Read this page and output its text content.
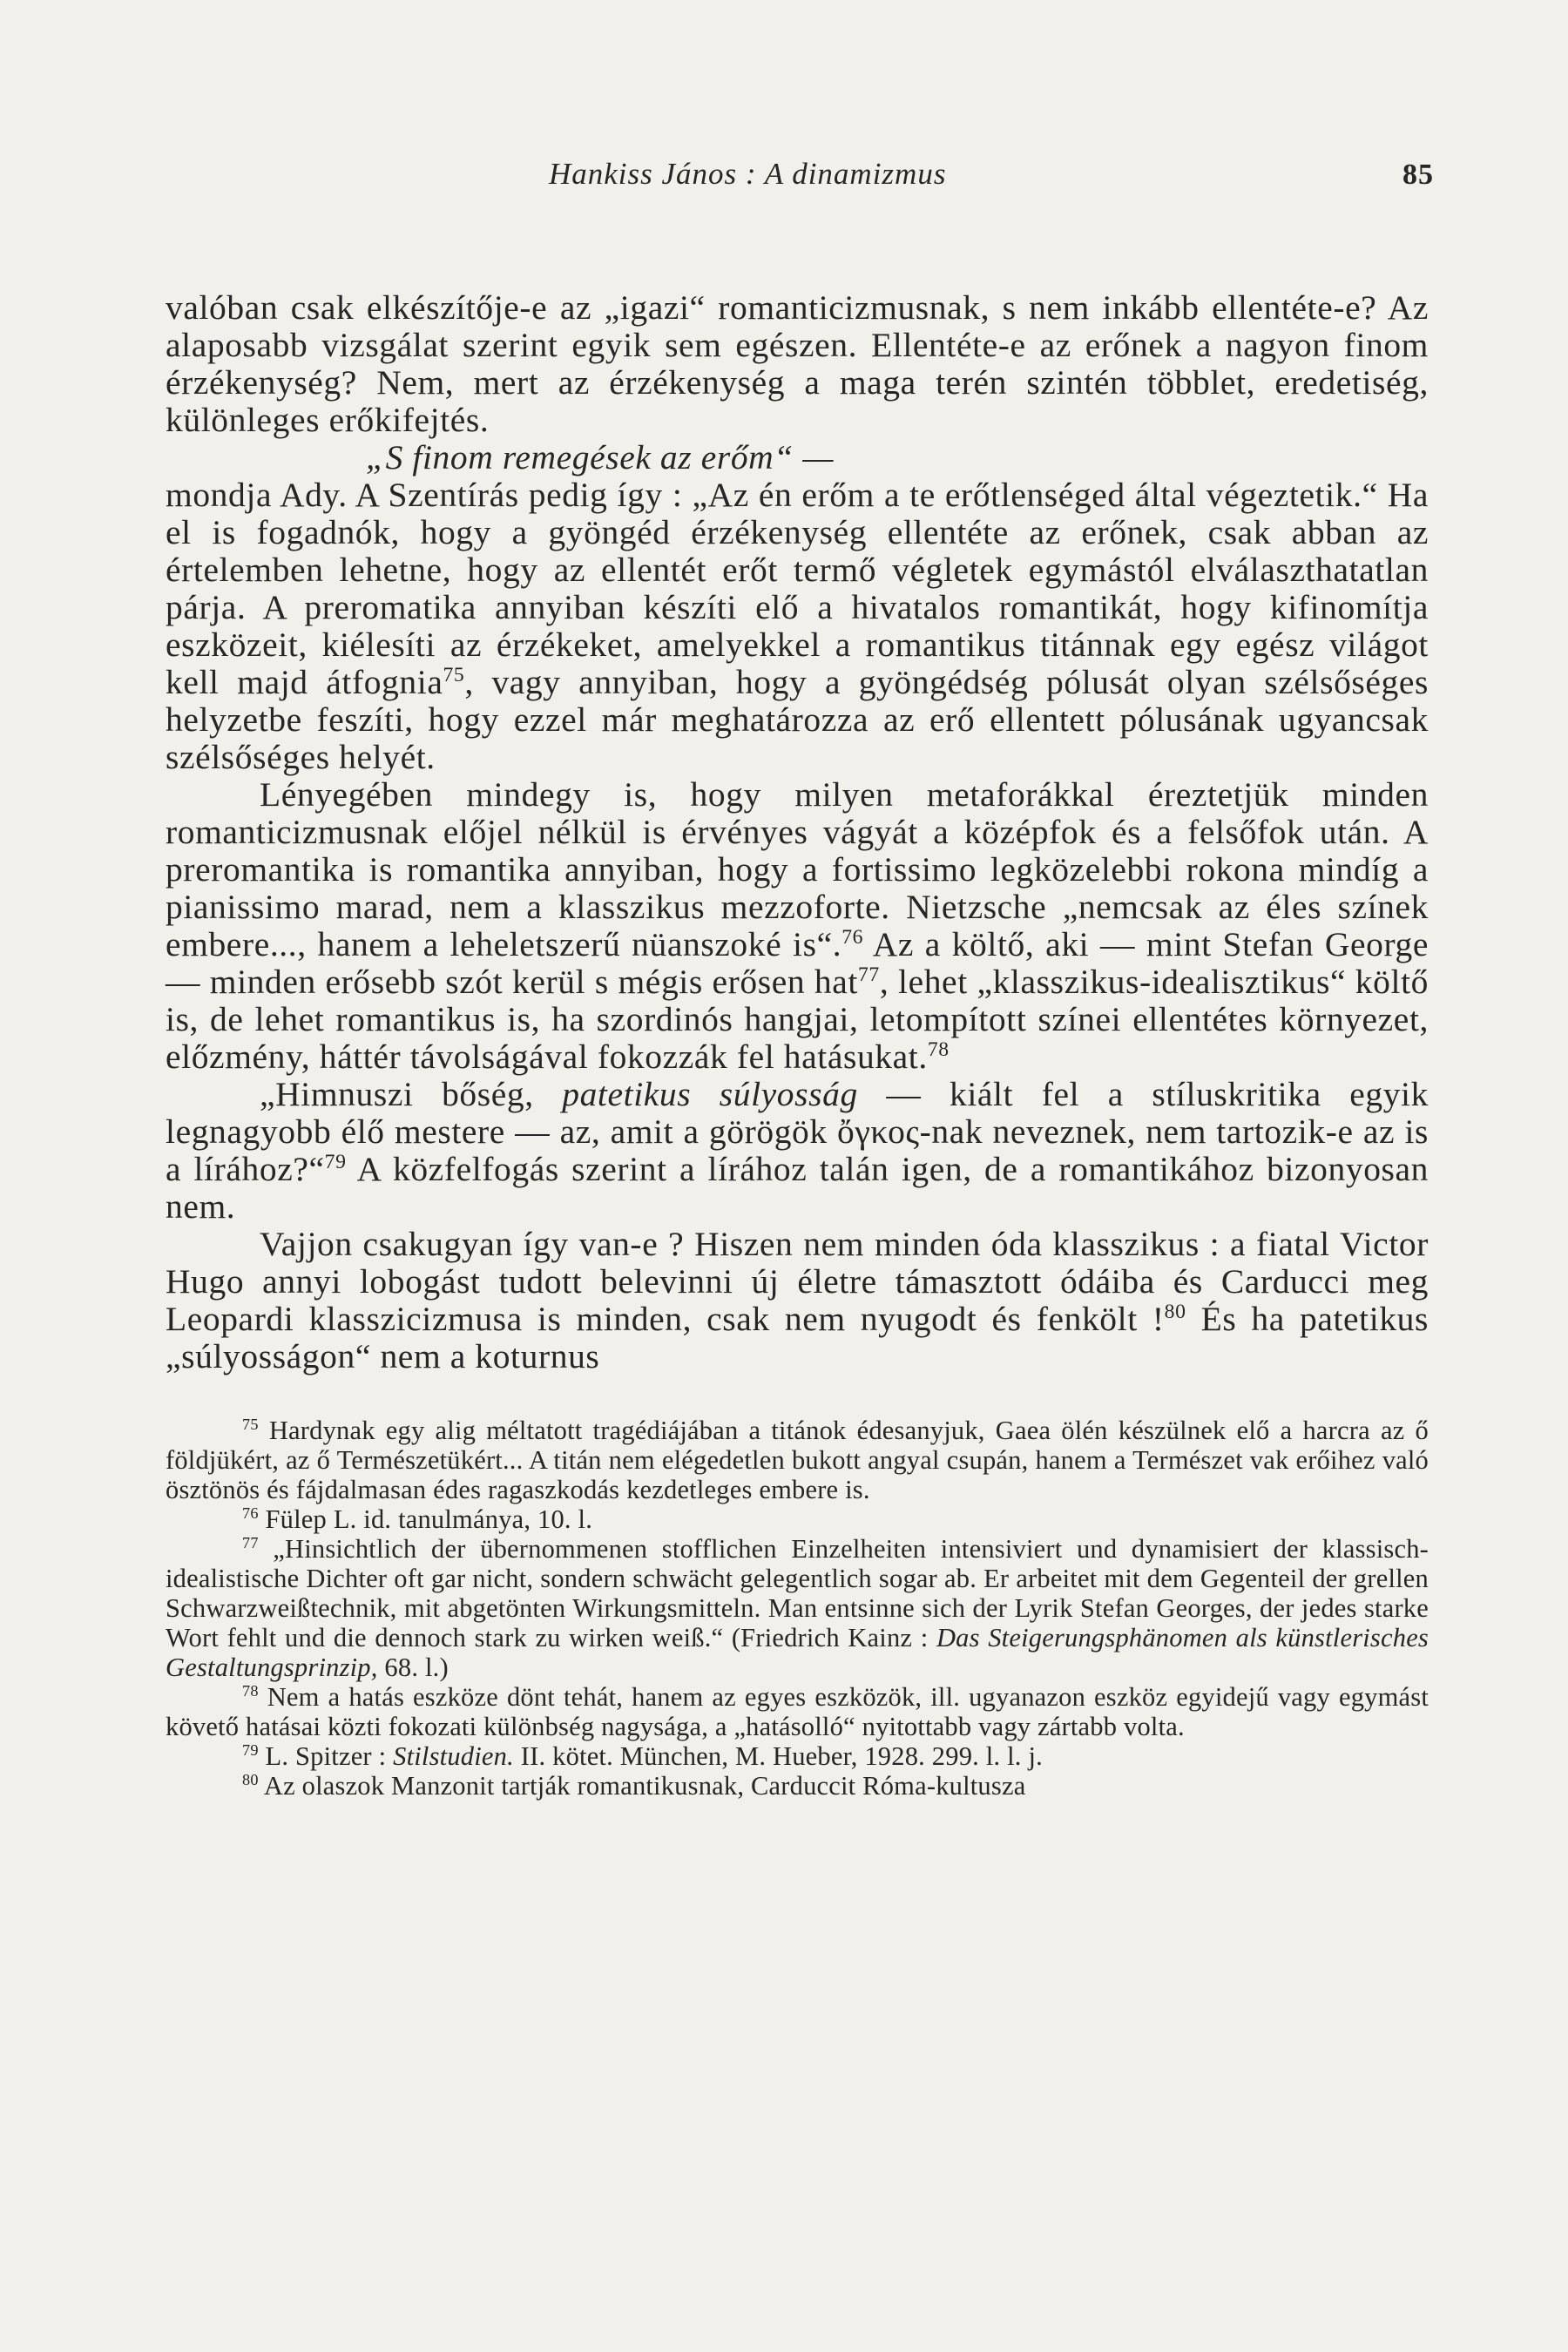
Hankiss János : A dinamizmus	85

valóban csak elkészítője-e az „igazi“ romanticizmusnak, s nem inkább ellentéte-e? Az alaposabb vizsgálat szerint egyik sem egészen. Ellentéte-e az erőnek a nagyon finom érzékenység? Nem, mert az érzékenység a maga terén szintén többlet, eredetiség, különleges erőkifejtés.

„S finom remegések az erőm“ —

mondja Ady. A Szentírás pedig így : „Az én erőm a te erőtlenséged által végeztetik.“ Ha el is fogadnók, hogy a gyöngéd érzékenység ellentéte az erőnek, csak abban az értelemben lehetne, hogy az ellentét erőt termő végletek egymástól elválaszthatatlan párja. A preromatika annyiban készíti elő a hivatalos romantikát, hogy kifinomítja eszközeit, kiélesíti az érzékeket, amelyekkel a romantikus titánnak egy egész világot kell majd átfognia$^{75}$, vagy annyiban, hogy a gyöngédség pólusát olyan szélsőséges helyzetbe feszíti, hogy ezzel már meghatározza az erő ellentett pólusának ugyancsak szélsőséges helyét.

Lényegében mindegy is, hogy milyen metaforákkal éreztetjük minden romanticizmusnak előjel nélkül is érvényes vágyát a középfok és a felsőfok után. A preromantika is romantika annyiban, hogy a fortissimo legközelebbi rokona mindíg a pianissimo marad, nem a klasszikus mezzoforte. Nietzsche „nemcsak az éles színek embere..., hanem a leheletszerű nüanszoké is“.$^{76}$ Az a költő, aki — mint Stefan George — minden erősebb szót kerül s mégis erősen hat$^{77}$, lehet „klasszikus-idealisztikus“ költő is, de lehet romantikus is, ha szordinós hangjai, letompított színei ellentétes környezet, előzmény, háttér távolságával fokozzák fel hatásukat.$^{78}$

„Himnuszi bőség, patetikus súlyosság — kiált fel a stíluskritika egyik legnagyobb élő mestere — az, amit a görögök ὄγκος-nak neveznek, nem tartozik-e az is a lírához?“$^{79}$ A közfelfogás szerint a lírához talán igen, de a romantikához bizonyosan nem.

Vajjon csakugyan így van-e ? Hiszen nem minden óda klasszikus : a fiatal Victor Hugo annyi lobogást tudott belevinni új életre támasztott ódáiba és Carducci meg Leopardi klasszicizmusa is minden, csak nem nyugodt és fenkölt !$^{80}$ És ha patetikus „súlyosságon“ nem a koturnus

$^{75}$ Hardynak egy alig méltatott tragédiájában a titánok édesanyjuk, Gaea ölén készülnek elő a harcra az ő földjükért, az ő Természetükért... A titán nem elégedetlen bukott angyal csupán, hanem a Természet vak erőihez való ösztönös és fájdalmasan édes ragaszkodás kezdetleges embere is.

$^{76}$ Fülep L. id. tanulmánya, 10. l.

$^{77}$ „Hinsichtlich der übernommenen stofflichen Einzelheiten intensiviert und dynamisiert der klassisch-idealistische Dichter oft gar nicht, sondern schwächt gelegentlich sogar ab. Er arbeitet mit dem Gegenteil der grellen Schwarzweißtechnik, mit abgetönten Wirkungsmitteln. Man entsinne sich der Lyrik Stefan Georges, der jedes starke Wort fehlt und die dennoch stark zu wirken weiß.“ (Friedrich Kainz : Das Steigerungsphänomen als künstlerisches Gestaltungsprinzip, 68. l.)

$^{78}$ Nem a hatás eszköze dönt tehát, hanem az egyes eszközök, ill. ugyanazon eszköz egyidejű vagy egymást követő hatásai közti fokozati különbség nagysága, a „hatásolló“ nyitottabb vagy zártabb volta.

$^{79}$ L. Spitzer : Stilstudien. II. kötet. München, M. Hueber, 1928. 299. l. l. j.

$^{80}$ Az olaszok Manzonit tartják romantikusnak, Carduccit Róma-kultusza
